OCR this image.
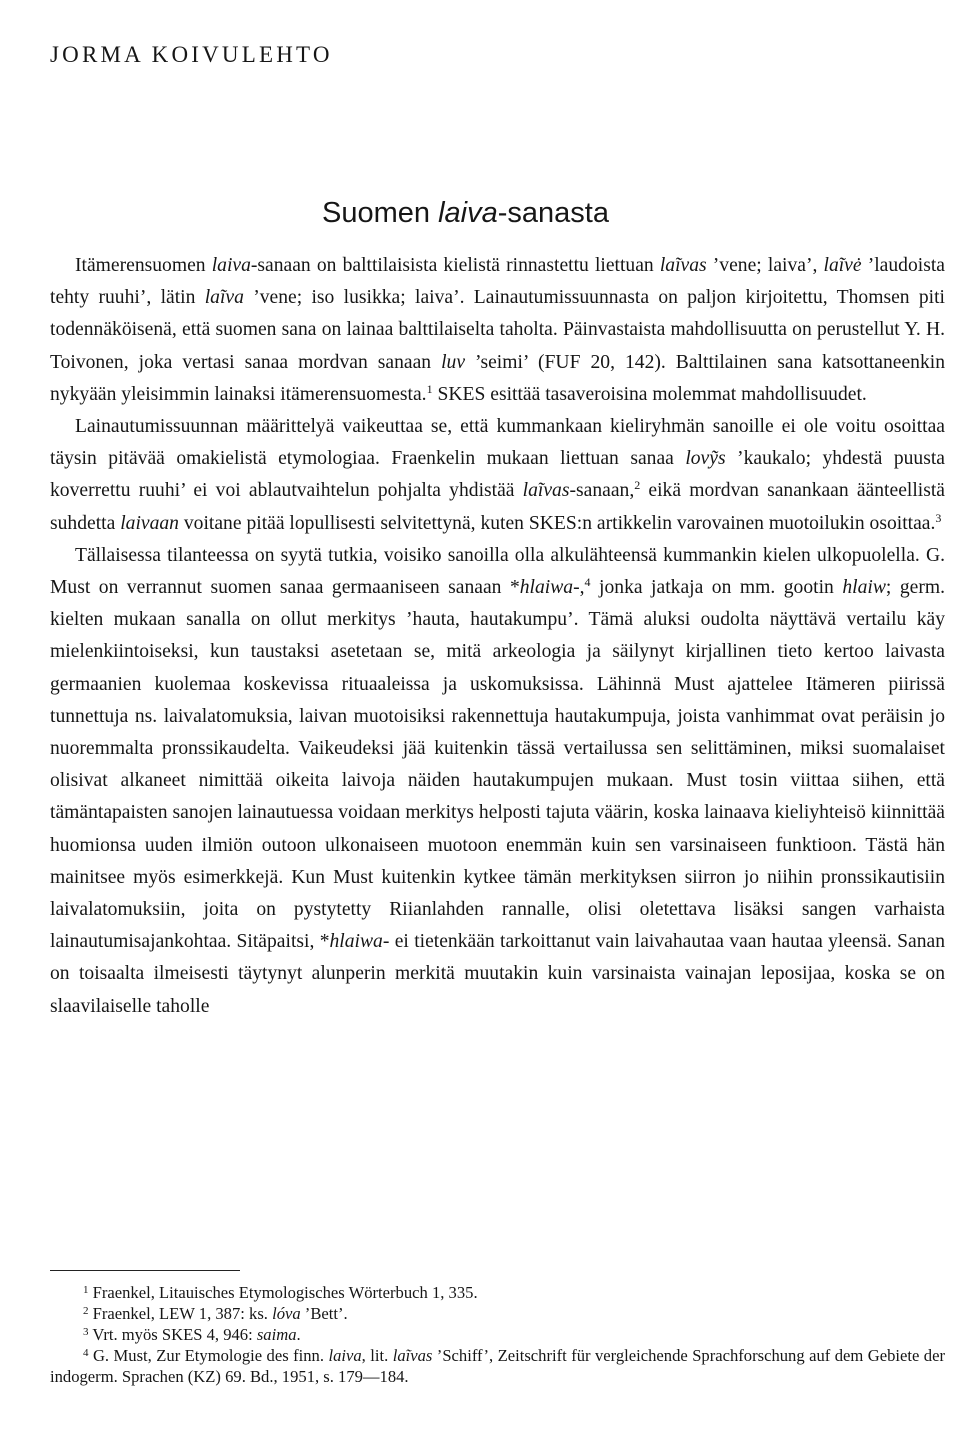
JORMA KOIVULEHTO
Suomen laiva-sanasta

Itämerensuomen laiva-sanaan on balttilaisista kielistä rinnastettu liettuan laĩvas ’vene; laiva’, laĩvė ’laudoista tehty ruuhi’, lätin laĩva ’vene; iso lusikka; laiva’. Lainautumissuunnasta on paljon kirjoitettu, Thomsen piti todennäköisenä, että suomen sana on lainaa balttilaiselta taholta. Päinvastaista mahdollisuutta on perustellut Y. H. Toivonen, joka vertasi sanaa mordvan sanaan luv ’seimi’ (FUF 20, 142). Balttilainen sana katsottaneenkin nykyään yleisimmin lainaksi itämerensuomesta.$^1$ SKES esittää tasaveroisina molemmat mahdollisuudet.

Lainautumissuunnan määrittelyä vaikeuttaa se, että kummankaan kieliryhmän sanoille ei ole voitu osoittaa täysin pitävää omakielistä etymologiaa. Fraenkelin mukaan liettuan sanaa lovỹs ’kaukalo; yhdestä puusta koverrettu ruuhi’ ei voi ablautvaihtelun pohjalta yhdistää laĩvas-sanaan,$^2$ eikä mordvan sanankaan äänteellistä suhdetta laivaan voitane pitää lopullisesti selvitettynä, kuten SKES:n artikkelin varovainen muotoilukin osoittaa.$^3$

Tällaisessa tilanteessa on syytä tutkia, voisiko sanoilla olla alkulähteensä kummankin kielen ulkopuolella. G. Must on verrannut suomen sanaa germaaniseen sanaan *hlaiwa-,$^4$ jonka jatkaja on mm. gootin hlaiw; germ. kielten mukaan sanalla on ollut merkitys ’hauta, hautakumpu’. Tämä aluksi oudolta näyttävä vertailu käy mielenkiintoiseksi, kun taustaksi asetetaan se, mitä arkeologia ja säilynyt kirjallinen tieto kertoo laivasta germaanien kuolemaa koskevissa rituaaleissa ja uskomuksissa. Lähinnä Must ajattelee Itämeren piirissä tunnettuja ns. laivalatomuksia, laivan muotoisiksi rakennettuja hautakumpuja, joista vanhimmat ovat peräisin jo nuoremmalta pronssikaudelta. Vaikeudeksi jää kuitenkin tässä vertailussa sen selittäminen, miksi suomalaiset olisivat alkaneet nimittää oikeita laivoja näiden hautakumpujen mukaan. Must tosin viittaa siihen, että tämäntapaisten sanojen lainautuessa voidaan merkitys helposti tajuta väärin, koska lainaava kieliyhteisö kiinnittää huomionsa uuden ilmiön outoon ulkonaiseen muotoon enemmän kuin sen varsinaiseen funktioon. Tästä hän mainitsee myös esimerkkejä. Kun Must kuitenkin kytkee tämän merkityksen siirron jo niihin pronssikautisiin laivalatomuksiin, joita on pystytetty Riianlahden rannalle, olisi oletettava lisäksi sangen varhaista lainautumisajankohtaa. Sitäpaitsi, *hlaiwa- ei tietenkään tarkoittanut vain laivahautaa vaan hautaa yleensä. Sanan on toisaalta ilmeisesti täytynyt alunperin merkitä muutakin kuin varsinaista vainajan leposijaa, koska se on slaavilaiselle taholle

$^1$ Fraenkel, Litauisches Etymologisches Wörterbuch 1, 335.

$^2$ Fraenkel, LEW 1, 387: ks. lóva ’Bett’.

$^3$ Vrt. myös SKES 4, 946: saima.

$^4$ G. Must, Zur Etymologie des finn. laiva, lit. laĩvas ’Schiff’, Zeitschrift für vergleichende Sprachforschung auf dem Gebiete der indogerm. Sprachen (KZ) 69. Bd., 1951, s. 179—184.
